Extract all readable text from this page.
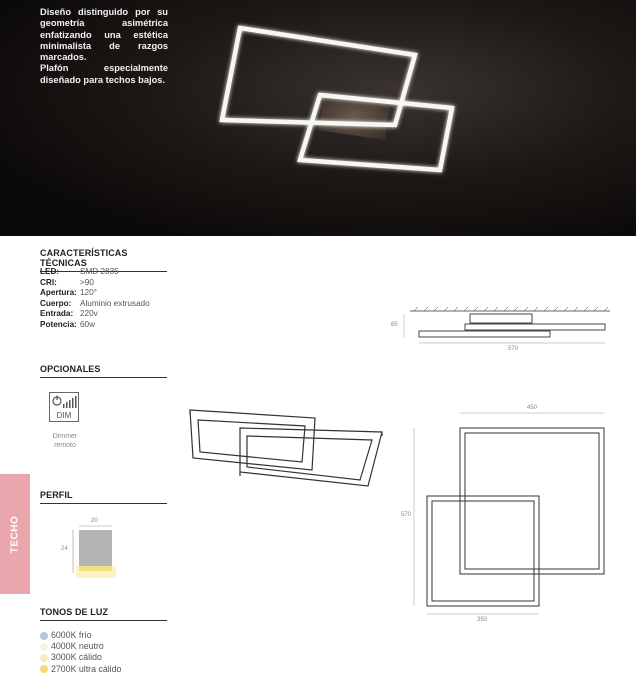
Diseño distinguido por su geometría asimétrica enfatizando una estética minimalista de razgos marcados.

Plafón especialmente diseñado para techos bajos.

CARACTERÍSTICAS TÉCNICAS
LED:	SMD 2835
CRI:	>90
Apertura: 120°
Cuerpo:	Aluminio extrusado
Entrada: 220v
Potencia: 60w
OPCIONALES
DIM
Dimmer
remoto
TECHO
PERFIL
20
24
TONOS DE LUZ
6000K frío
4000K neutro
3000K cálido
2700K ultra cálido
65
570
450
570
350
